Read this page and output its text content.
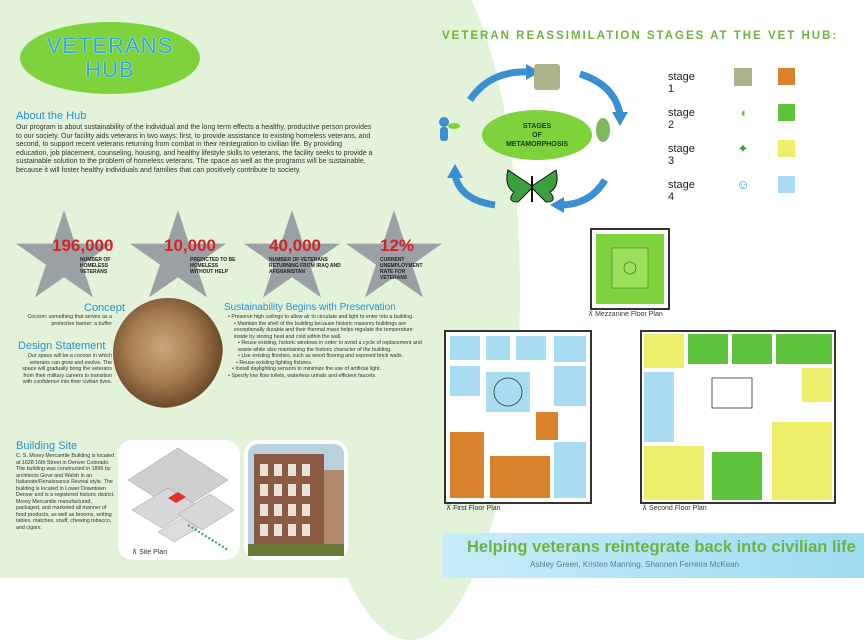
VETERANS
HUB
About the Hub
Our program is about sustainability of the individual and the long term effects a healthy, productive person provides to our society. Our facility aids veterans in two ways: first, to provide assistance to existing homeless veterans, and second, to support recent veterans returning from combat in their reintegration to civilian life. By providing education, job placement, counseling, housing, and healthy lifestyle skills to veterans, the facility seeks to provide a sustainable solution to the problem of homeless veterans. The space as well as the programs will be sustainable, because it will foster healthy individuals and families that can positively contribute to society.
196,000
NUMBER OF HOMELESS VETERANS
10,000
PREDICTED TO BE HOMELESS WITHOUT HELP
40,000
NUMBER OF VETERANS RETURNING FROM IRAQ AND AFGHANISTAN
12%
CURRENT UNEMPLOYMENT RATE FOR VETERANS
Concept
Cocoon: something that serves as a protective barrier; a buffer
Design Statement
Our space will be a cocoon in which veterans can grow and evolve. The space will gradually bring the veterans from their military careers to transition with confidence into their civilian lives.
Sustainability Begins with Preservation
• Preserve high ceilings to allow air to circulate and light to enter into a building.
• Maintain the shell of the building because historic masonry buildings are exceptionally durable and their thermal mass helps regulate the temperature inside by storing heat and cold within the wall.
• Reuse existing, historic windows in order to avoid a cycle of replacement and waste while also maintaining the historic character of the building.
• Use existing finishes, such as wood flooring and exposed brick walls.
• Reuse existing lighting fixtures.
• Install daylighting sensors to minimize the use of artificial light.
• Specify low flow toilets, waterless urinals and efficient faucets.
Building Site
C. S. Morey Mercantile Building is located at 1628 16th Street in Denver Colorado. The building was constructed in 1896 by architects Gove and Walsh in an Italianate/Renaissance Revival style. The building is located in Lower Downtown Denver and is a registered historic district. Morey Mercantile manufactured, packaged, and marketed all manner of food products, as well as brooms, writing tables, matches, snuff, chewing tobacco, and cigars.
⊼ Site Plan
VETERAN REASSIMILATION STAGES AT THE VET HUB:
STAGES
OF
METAMORPHOSIS
stage 1
stage 2
◖
stage 3
✦
stage 4
☺
⊼ Mezzanine Floor Plan
⊼ First Floor Plan	⊼ Second Floor Plan
Helping veterans reintegrate back into civilian life
Ashley Green, Kristen Manning, Shannen Ferreira McKean
